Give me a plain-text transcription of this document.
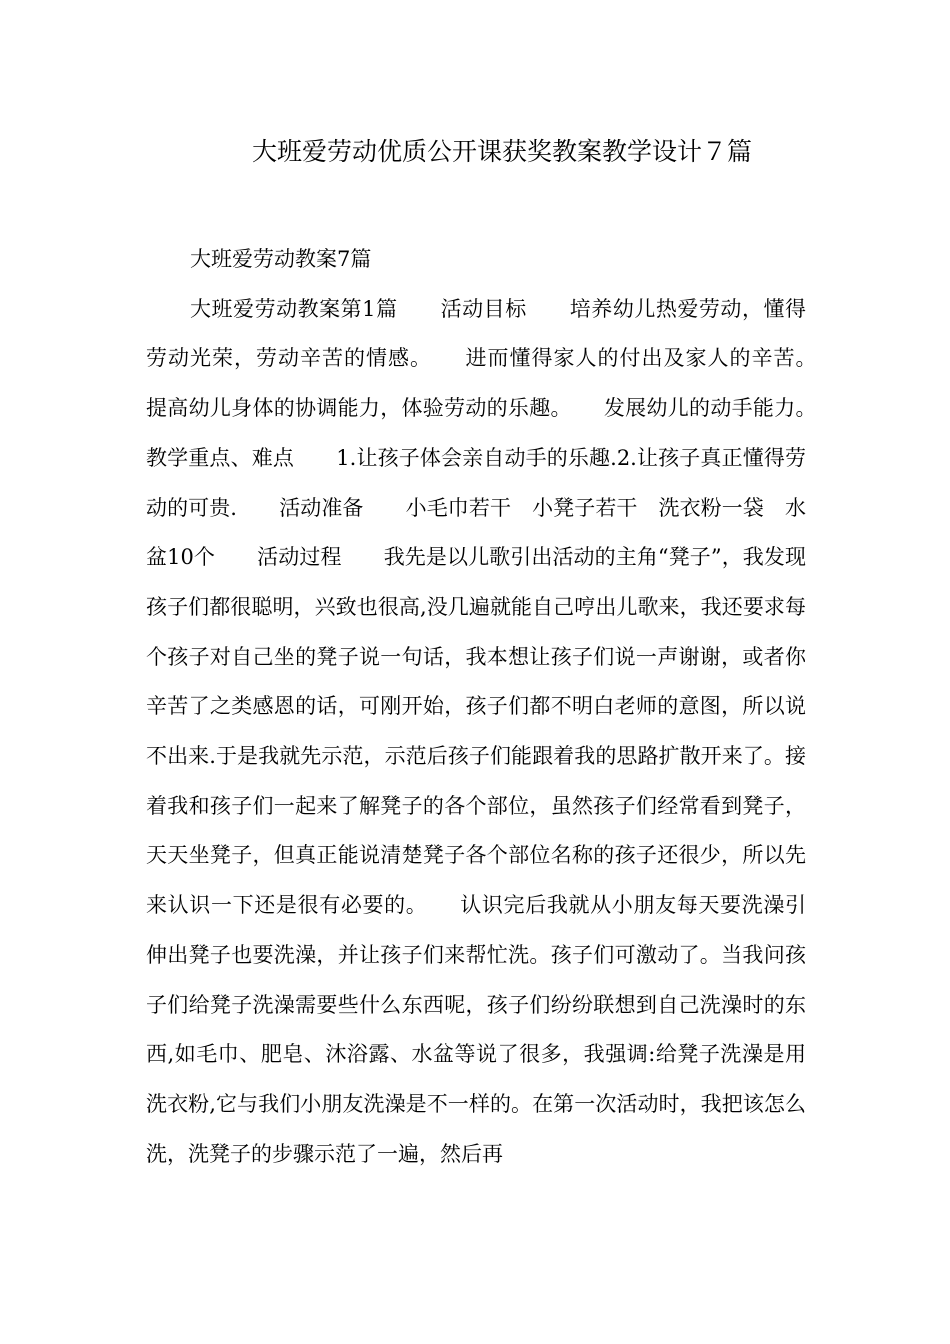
大班爱劳动优质公开课获奖教案教学设计７篇
大班爱劳动教案7篇

大班爱劳动教案第1篇　　活动目标　　培养幼儿热爱劳动，懂得劳动光荣，劳动辛苦的情感。　　进而懂得家人的付出及家人的辛苦。　　提高幼儿身体的协调能力，体验劳动的乐趣。　　发展幼儿的动手能力。　　教学重点、难点　　1.让孩子体会亲自动手的乐趣.2.让孩子真正懂得劳动的可贵.　　活动准备　　小毛巾若干　小凳子若干　洗衣粉一袋　水盆10个　　活动过程　　我先是以儿歌引出活动的主角“凳子”，我发现孩子们都很聪明，兴致也很高,没几遍就能自己哼出儿歌来，我还要求每个孩子对自己坐的凳子说一句话，我本想让孩子们说一声谢谢，或者你辛苦了之类感恩的话，可刚开始，孩子们都不明白老师的意图，所以说不出来.于是我就先示范，示范后孩子们能跟着我的思路扩散开来了。接着我和孩子们一起来了解凳子的各个部位，虽然孩子们经常看到凳子，天天坐凳子，但真正能说清楚凳子各个部位名称的孩子还很少，所以先来认识一下还是很有必要的。　　认识完后我就从小朋友每天要洗澡引伸出凳子也要洗澡，并让孩子们来帮忙洗。孩子们可激动了。当我问孩子们给凳子洗澡需要些什么东西呢，孩子们纷纷联想到自己洗澡时的东西,如毛巾、肥皂、沐浴露、水盆等说了很多，我强调:给凳子洗澡是用洗衣粉,它与我们小朋友洗澡是不一样的。在第一次活动时，我把该怎么洗，洗凳子的步骤示范了一遍，然后再
